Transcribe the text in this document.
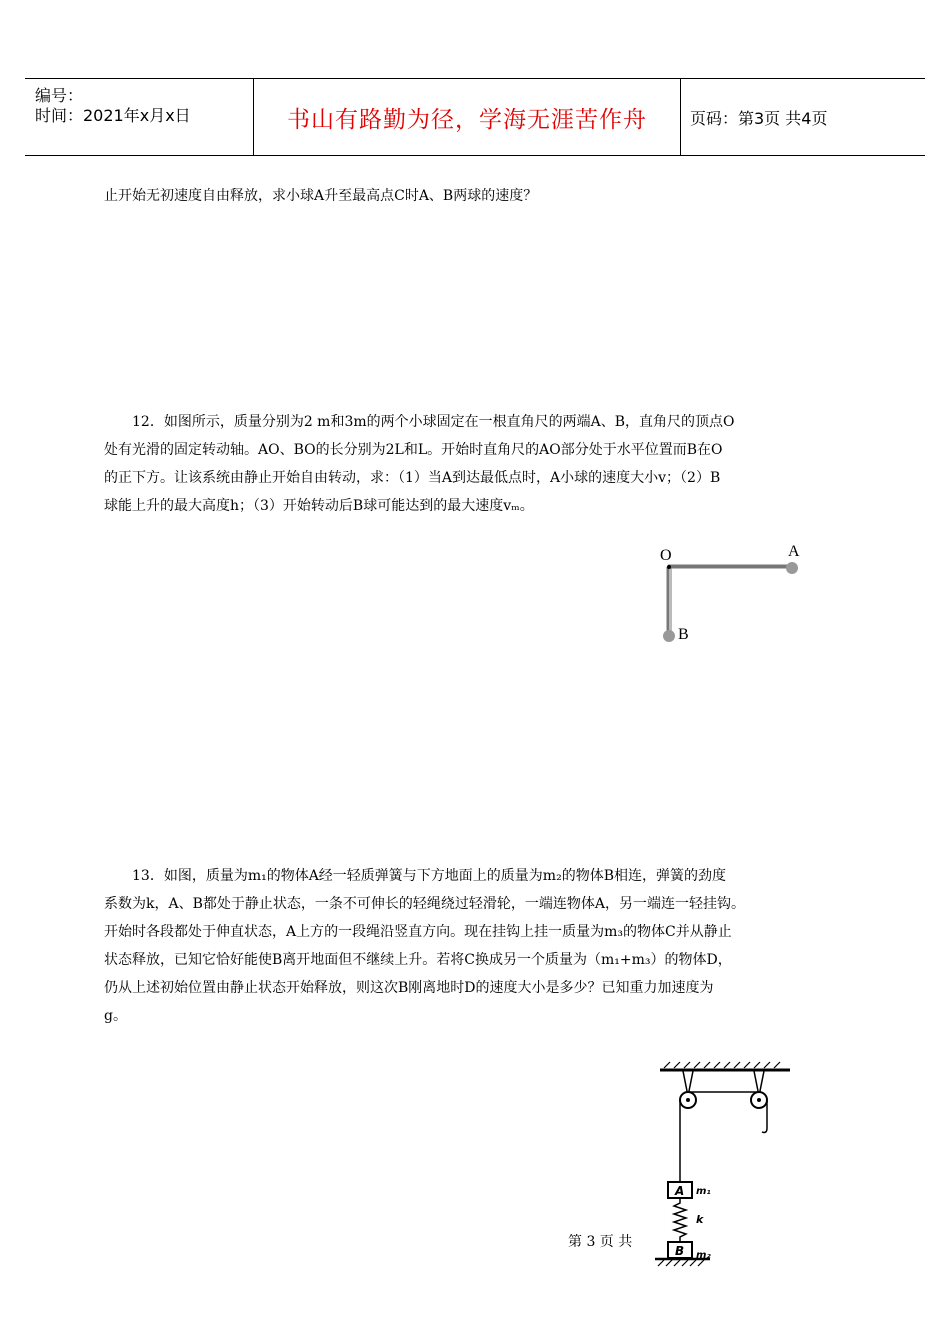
编号：
时间：2021年x月x日	书山有路勤为径，学海无涯苦作舟	页码：第3页 共4页
止开始无初速度自由释放，求小球A升至最高点C时A、B两球的速度？
12．如图所示，质量分别为2 m和3m的两个小球固定在一根直角尺的两端A、B，直角尺的顶点O
处有光滑的固定转动轴。AO、BO的长分别为2L和L。开始时直角尺的AO部分处于水平位置而B在O
的正下方。让该系统由静止开始自由转动，求：（1）当A到达最低点时，A小球的速度大小v；（2）B
球能上升的最大高度h；（3）开始转动后B球可能达到的最大速度vₘ。
O	A
B
13．如图，质量为m₁的物体A经一轻质弹簧与下方地面上的质量为m₂的物体B相连，弹簧的劲度
系数为k，A、B都处于静止状态，一条不可伸长的轻绳绕过轻滑轮，一端连物体A，另一端连一轻挂钩。
开始时各段都处于伸直状态，A上方的一段绳沿竖直方向。现在挂钩上挂一质量为m₃的物体C并从静止
状态释放，已知它恰好能使B离开地面但不继续上升。若将C换成另一个质量为（m₁+m₃）的物体D，
仍从上述初始位置由静止状态开始释放，则这次B刚离地时D的速度大小是多少？已知重力加速度为
g。
A m₁
k
B m₂
第 3 页 共
